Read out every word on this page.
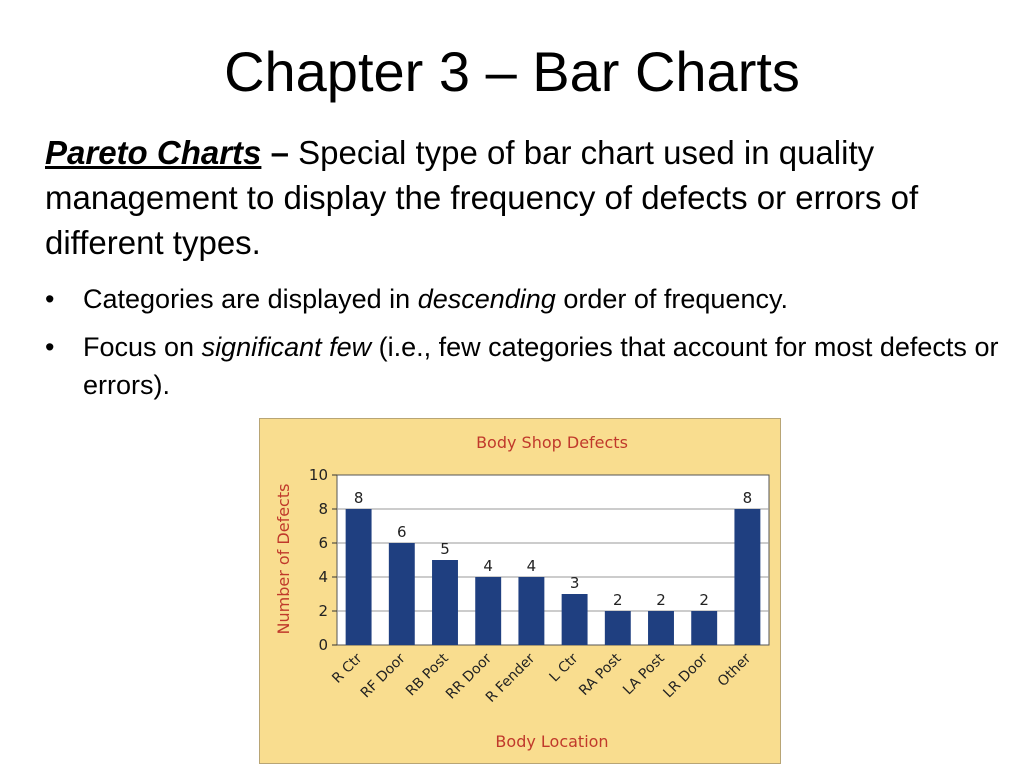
Chapter 3 – Bar Charts
Pareto Charts – Special type of bar chart used in quality management to display the frequency of defects or errors of different types.
• Categories are displayed in descending order of frequency.
• Focus on significant few (i.e., few categories that account for most defects or errors).
Body Shop Defects
8
6
5
4 4
3
2 2 2
8
0
2
4
6
8
10
R Ctr
RF Door
RB Post
RR Door
R Fender L Ctr
RA Post
LA Post
LR Door Other
Number of Defects
Body Location
